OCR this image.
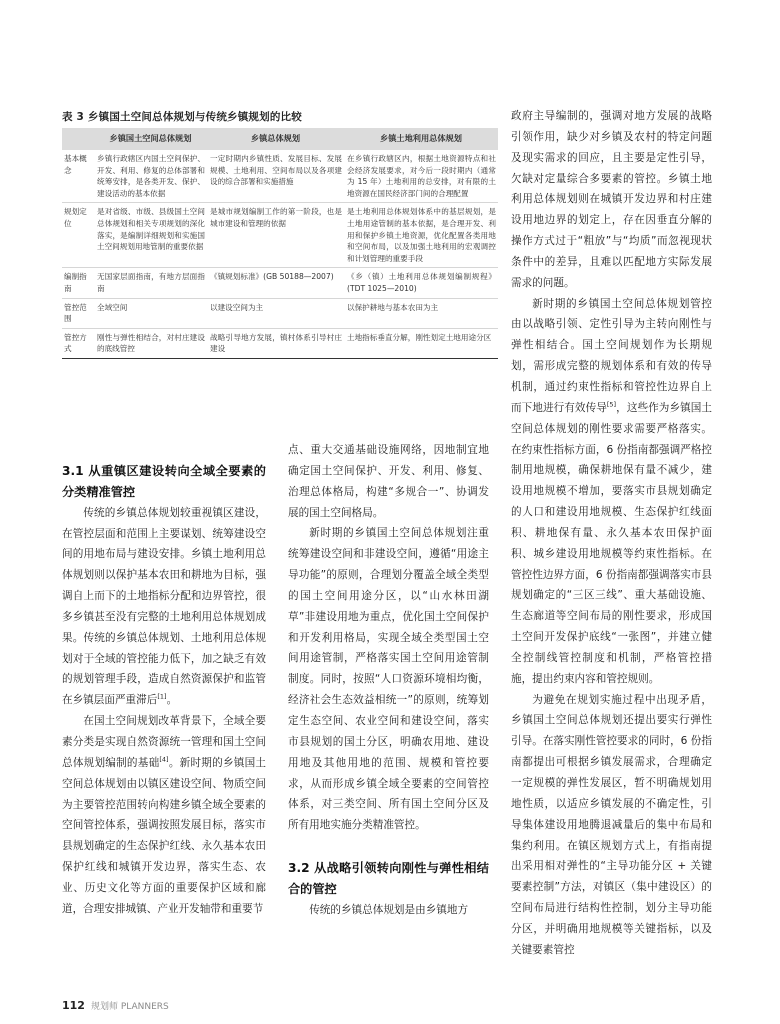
表 3 乡镇国土空间总体规划与传统乡镇规划的比较
	乡镇国土空间总体规划	乡镇总体规划	乡镇土地利用总体规划
基本概念	乡镇行政辖区内国土空间保护、开发、利用、修复的总体部署和统筹安排，是各类开发、保护、建设活动的基本依据	一定时期内乡镇性质、发展目标、发展规模、土地利用、空间布局以及各项建设的综合部署和实施措施	在乡镇行政辖区内，根据土地资源特点和社会经济发展要求，对今后一段时期内（通常为 15 年）土地利用的总安排，对有限的土地资源在国民经济部门间的合理配置
规划定位	是对省级、市级、县级国土空间总体规划和相关专项规划的深化落实，是编制详细规划和实施国土空间规划用地管制的重要依据	是城市规划编制工作的第一阶段，也是城市建设和管理的依据	是土地利用总体规划体系中的基层规划，是土地用途管制的基本依据，是合理开发、利用和保护乡镇土地资源，优化配置各类用地和空间布局，以及加强土地利用的宏观调控和计划管理的重要手段
编制指南	无国家层面指南，有地方层面指南	《镇规划标准》(GB 50188—2007)	《乡（镇）土地利用总体规划编制规程》(TDT 1025—2010)
管控范围	全域空间	以建设空间为主	以保护耕地与基本农田为主
管控方式	刚性与弹性相结合，对村庄建设的底线管控	战略引导地方发展，镇村体系引导村庄建设	土地指标垂直分解，刚性划定土地用途分区
3.1 从重镇区建设转向全域全要素的分类精准管控

传统的乡镇总体规划较重视镇区建设，在管控层面和范围上主要谋划、统筹建设空间的用地布局与建设安排。乡镇土地利用总体规划则以保护基本农田和耕地为目标，强调自上而下的土地指标分配和边界管控，很多乡镇甚至没有完整的土地利用总体规划成果。传统的乡镇总体规划、土地利用总体规划对于全域的管控能力低下，加之缺乏有效的规划管理手段，造成自然资源保护和监管在乡镇层面严重滞后[1]。

在国土空间规划改革背景下，全域全要素分类是实现自然资源统一管理和国土空间总体规划编制的基础[4]。新时期的乡镇国土空间总体规划由以镇区建设空间、物质空间为主要管控范围转向构建乡镇全域全要素的空间管控体系，强调按照发展目标，落实市县规划确定的生态保护红线、永久基本农田保护红线和城镇开发边界，落实生态、农业、历史文化等方面的重要保护区域和廊道，合理安排城镇、产业开发轴带和重要节

点、重大交通基础设施网络，因地制宜地确定国土空间保护、开发、利用、修复、治理总体格局，构建“多规合一”、协调发展的国土空间格局。

新时期的乡镇国土空间总体规划注重统筹建设空间和非建设空间，遵循“用途主导功能”的原则，合理划分覆盖全域全类型的国土空间用途分区，以“山水林田湖草”非建设用地为重点，优化国土空间保护和开发利用格局，实现全域全类型国土空间用途管制，严格落实国土空间用途管制制度。同时，按照“人口资源环境相均衡，经济社会生态效益相统一”的原则，统筹划定生态空间、农业空间和建设空间，落实市县规划的国土分区，明确农用地、建设用地及其他用地的范围、规模和管控要求，从而形成乡镇全域全要素的空间管控体系，对三类空间、所有国土空间分区及所有用地实施分类精准管控。

3.2 从战略引领转向刚性与弹性相结合的管控

传统的乡镇总体规划是由乡镇地方

政府主导编制的，强调对地方发展的战略引领作用，缺少对乡镇及农村的特定问题及现实需求的回应，且主要是定性引导，欠缺对定量综合多要素的管控。乡镇土地利用总体规划则在城镇开发边界和村庄建设用地边界的划定上，存在因垂直分解的操作方式过于“粗放”与“均质”而忽视现状条件中的差异，且难以匹配地方实际发展需求的问题。

新时期的乡镇国土空间总体规划管控由以战略引领、定性引导为主转向刚性与弹性相结合。国土空间规划作为长期规划，需形成完整的规划体系和有效的传导机制，通过约束性指标和管控性边界自上而下地进行有效传导[5]，这些作为乡镇国土空间总体规划的刚性要求需要严格落实。在约束性指标方面，6 份指南都强调严格控制用地规模，确保耕地保有量不减少，建设用地规模不增加，要落实市县规划确定的人口和建设用地规模、生态保护红线面积、耕地保有量、永久基本农田保护面积、城乡建设用地规模等约束性指标。在管控性边界方面，6 份指南都强调落实市县规划确定的“三区三线”、重大基础设施、生态廊道等空间布局的刚性要求，形成国土空间开发保护底线“一张图”，并建立健全控制线管控制度和机制，严格管控措施，提出约束内容和管控规则。

为避免在规划实施过程中出现矛盾，乡镇国土空间总体规划还提出要实行弹性引导。在落实刚性管控要求的同时，6 份指南都提出可根据乡镇发展需求，合理确定一定规模的弹性发展区，暂不明确规划用地性质，以适应乡镇发展的不确定性，引导集体建设用地腾退减量后的集中布局和集约利用。在镇区规划方式上，有指南提出采用相对弹性的“主导功能分区 + 关键要素控制”方法，对镇区（集中建设区）的空间布局进行结构性控制，划分主导功能分区，并明确用地规模等关键指标，以及关键要素管控

112 规划师 PLANNERS
